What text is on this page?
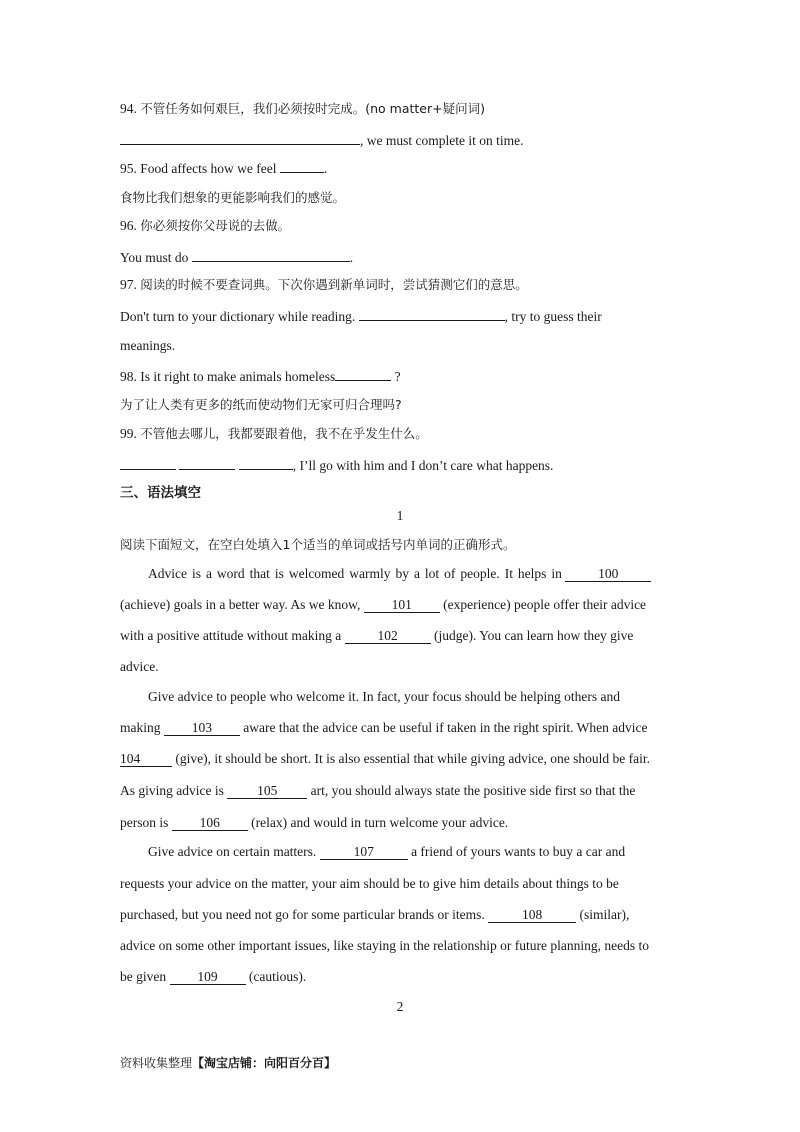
94. 不管任务如何艰巨，我们必须按时完成。(no matter+疑问词)
, we must complete it on time.
95. Food affects how we feel	.
食物比我们想象的更能影响我们的感觉。
96. 你必须按你父母说的去做。
You must do	.
97. 阅读的时候不要查词典。下次你遇到新单词时，尝试猜测它们的意思。
Don't turn to your dictionary while reading.	, try to guess their
meanings.
98. Is it right to make animals homeless	?
为了让人类有更多的纸而使动物们无家可归合理吗?
99. 不管他去哪儿，我都要跟着他，我不在乎发生什么。
, I’ll go with him and I don’t care what happens.
三、语法填空
1
阅读下面短文，在空白处填入1个适当的单词或括号内单词的正确形式。
Advice is a word that is welcomed warmly by a lot of people. It helps in	100
(achieve) goals in a better way. As we know, 101 (experience) people offer their advice
with a positive attitude without making a	102	(judge). You can learn how they give
advice.
Give advice to people who welcome it. In fact, your focus should be helping others and
making 103 aware that the advice can be useful if taken in the right spirit. When advice
104	(give), it should be short. It is also essential that while giving advice, one should be fair.
As giving advice is 105 art, you should always state the positive side first so that the
person is 106 (relax) and would in turn welcome your advice.
Give advice on certain matters.	107	a friend of yours wants to buy a car and
requests your advice on the matter, your aim should be to give him details about things to be
purchased, but you need not go for some particular brands or items.	108	(similar),
advice on some other important issues, like staying in the relationship or future planning, needs to
be given 109 (cautious).
2
资料收集整理【淘宝店铺：向阳百分百】
